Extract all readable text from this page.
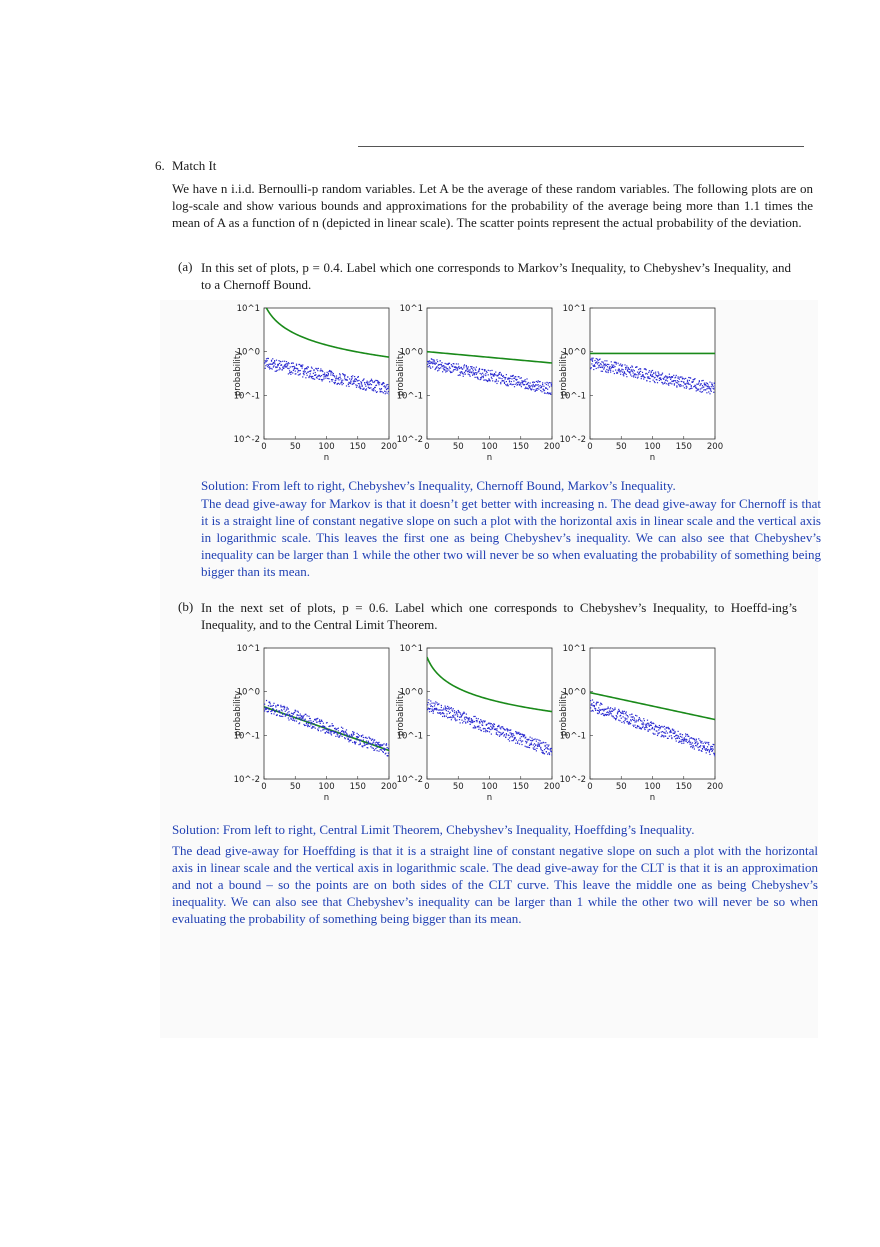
6. Match It
We have n i.i.d. Bernoulli-p random variables. Let A be the average of these random variables. The following plots are on log-scale and show various bounds and approximations for the probability of the average being more than 1.1 times the mean of A as a function of n (depicted in linear scale). The scatter points represent the actual probability of the deviation.
(a) In this set of plots, p = 0.4. Label which one corresponds to Markov’s Inequality, to Chebyshev’s Inequality, and to a Chernoff Bound.
10^1
10^0
10^-1
10^-2
0	50 100 150 200
n
probability
10^1
10^0
10^-1
10^-2
0	50 100 150 200
n
probability
10^1
10^0
10^-1
10^-2
0	50 100 150 200
n
probability
Solution: From left to right, Chebyshev’s Inequality, Chernoff Bound, Markov’s Inequality.
The dead give-away for Markov is that it doesn’t get better with increasing n. The dead give-away for Chernoff is that it is a straight line of constant negative slope on such a plot with the horizontal axis in linear scale and the vertical axis in logarithmic scale. This leaves the first one as being Chebyshev’s inequality. We can also see that Chebyshev’s inequality can be larger than 1 while the other two will never be so when evaluating the probability of something being bigger than its mean.
(b) In the next set of plots, p = 0.6. Label which one corresponds to Chebyshev’s Inequality, to Hoeffd-ing’s Inequality, and to the Central Limit Theorem.
10^1
10^0
10^-1
10^-2
0	50 100 150 200
n
probability
10^1
10^0
10^-1
10^-2
0	50 100 150 200
n
probability
10^1
10^0
10^-1
10^-2
0	50 100 150 200
n
probability
Solution: From left to right, Central Limit Theorem, Chebyshev’s Inequality, Hoeffding’s Inequality.
The dead give-away for Hoeffding is that it is a straight line of constant negative slope on such a plot with the horizontal axis in linear scale and the vertical axis in logarithmic scale. The dead give-away for the CLT is that it is an approximation and not a bound – so the points are on both sides of the CLT curve. This leave the middle one as being Chebyshev’s inequality. We can also see that Chebyshev’s inequality can be larger than 1 while the other two will never be so when evaluating the probability of something being bigger than its mean.
